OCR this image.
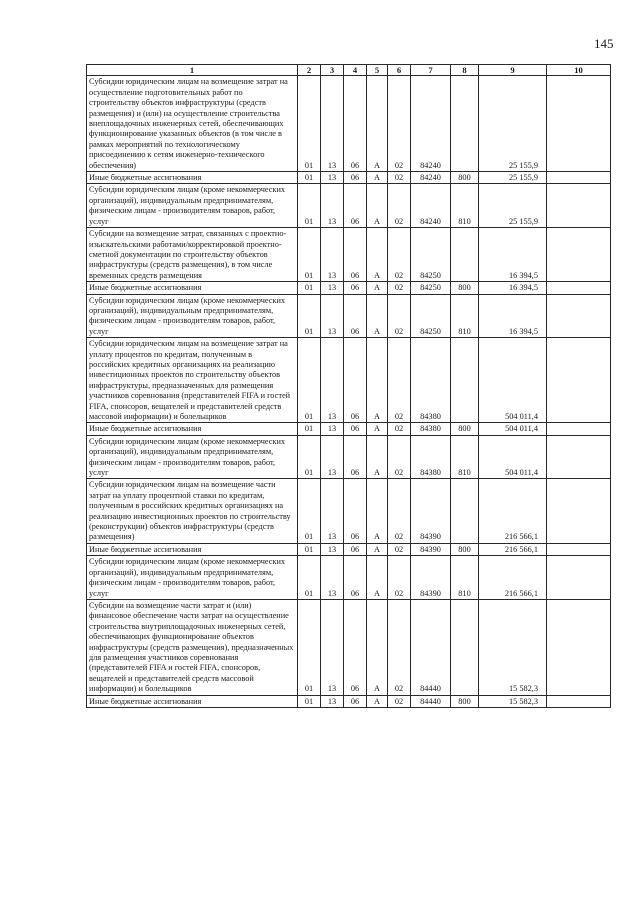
145
1	2	3	4	5	6	7	8	9	10
Субсидии юридическим лицам на возмещение затрат на осуществление подготовительных работ по строительству объектов инфраструктуры (средств размещения) и (или) на осуществление строительства внеплощадочных инженерных сетей, обеспечивающих функционирование указанных объектов (в том числе в рамках мероприятий по технологическому присоединению к сетям инженерно-технического обеспечения)	01	13	06	А	02	84240		25 155,9	
Иные бюджетные ассигнования	01	13	06	А	02	84240	800	25 155,9	
Субсидии юридическим лицам (кроме некоммерческих организаций), индивидуальным предпринимателям, физическим лицам - производителям товаров, работ, услуг	01	13	06	А	02	84240	810	25 155,9	
Субсидии на возмещение затрат, связанных с проектно-изыскательскими работами/корректировкой проектно-сметной документации по строительству объектов инфраструктуры (средств размещения), в том числе временных средств размещения	01	13	06	А	02	84250		16 394,5	
Иные бюджетные ассигнования	01	13	06	А	02	84250	800	16 394,5	
Субсидии юридическим лицам (кроме некоммерческих организаций), индивидуальным предпринимателям, физическим лицам - производителям товаров, работ, услуг	01	13	06	А	02	84250	810	16 394,5	
Субсидии юридическим лицам на возмещение затрат на уплату процентов по кредитам, полученным в российских кредитных организациях на реализацию инвестиционных проектов по строительству объектов инфраструктуры, предназначенных для размещения участников соревнования (представителей FIFA и гостей FIFA, спонсоров, вещателей и представителей средств массовой информации) и болельщиков	01	13	06	А	02	84380		504 011,4	
Иные бюджетные ассигнования	01	13	06	А	02	84380	800	504 011,4	
Субсидии юридическим лицам (кроме некоммерческих организаций), индивидуальным предпринимателям, физическим лицам - производителям товаров, работ, услуг	01	13	06	А	02	84380	810	504 011,4	
Субсидии юридическим лицам на возмещение части затрат на уплату процентной ставки по кредитам, полученным в российских кредитных организациях на реализацию инвестиционных проектов по строительству (реконструкции) объектов инфраструктуры (средств размещения)	01	13	06	А	02	84390		216 566,1	
Иные бюджетные ассигнования	01	13	06	А	02	84390	800	216 566,1	
Субсидии юридическим лицам (кроме некоммерческих организаций), индивидуальным предпринимателям, физическим лицам - производителям товаров, работ, услуг	01	13	06	А	02	84390	810	216 566,1	
Субсидии на возмещение части затрат и (или) финансовое обеспечение части затрат на осуществление строительства внутриплощадочных инженерных сетей, обеспечивающих функционирование объектов инфраструктуры (средств размещения), предназначенных для размещения участников соревнования (представителей FIFA и гостей FIFA, спонсоров, вещателей и представителей средств массовой информации) и болельщиков	01	13	06	А	02	84440		15 582,3	
Иные бюджетные ассигнования	01	13	06	А	02	84440	800	15 582,3	
